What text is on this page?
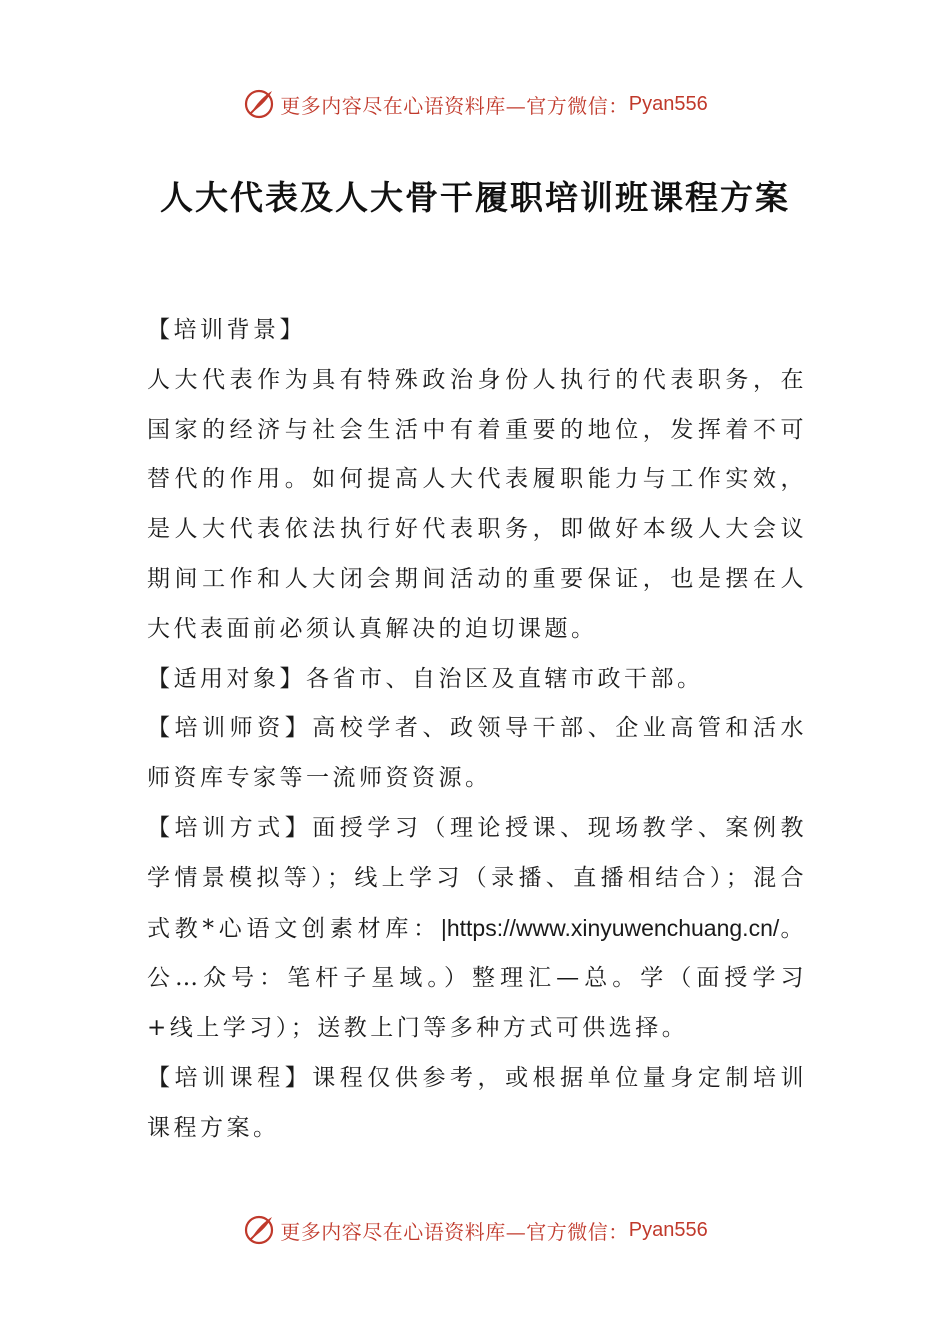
更多内容尽在心语资料库—官方微信： Pyan556
人大代表及人大骨干履职培训班课程方案

【培训背景】

人大代表作为具有特殊政治身份人执行的代表职务，在国家的经济与社会生活中有着重要的地位，发挥着不可替代的作用。如何提高人大代表履职能力与工作实效，是人大代表依法执行好代表职务，即做好本级人大会议期间工作和人大闭会期间活动的重要保证，也是摆在人大代表面前必须认真解决的迫切课题。

【适用对象】各省市、自治区及直辖市政干部。

【培训师资】高校学者、政领导干部、企业高管和活水师资库专家等一流师资资源。

【培训方式】面授学习（理论授课、现场教学、案例教学情景模拟等）；线上学习（录播、直播相结合）；混合式教*心语文创素材库：|https://www.xinyuwenchuang.cn/。公…众号：笔杆子星域。）整理汇—总。学（面授学习+线上学习）；送教上门等多种方式可供选择。

【培训课程】课程仅供参考，或根据单位量身定制培训课程方案。

更多内容尽在心语资料库—官方微信： Pyan556
